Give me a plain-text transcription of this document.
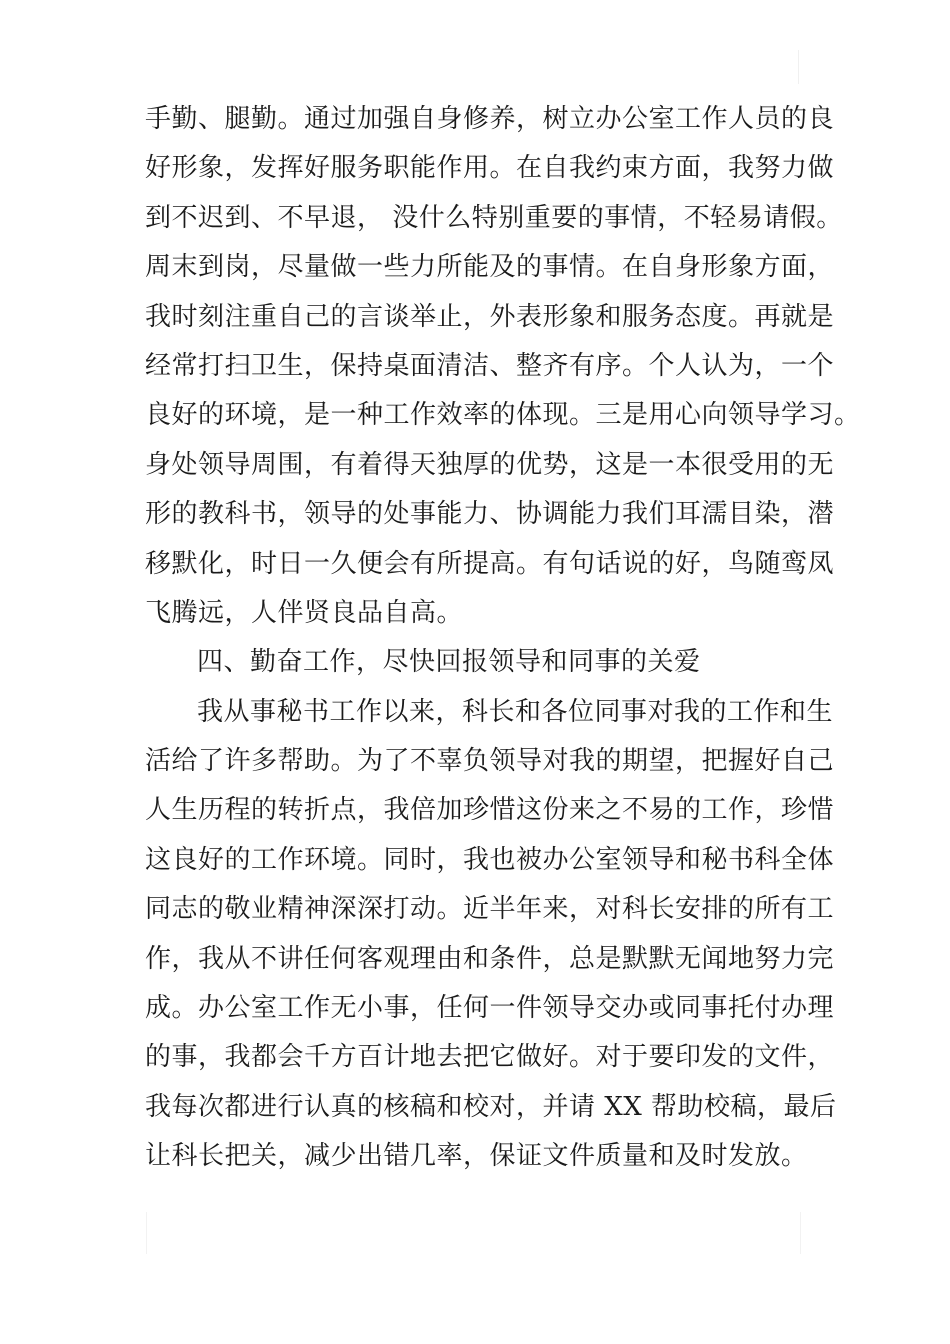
手勤、腿勤。通过加强自身修养，树立办公室工作人员的良
好形象，发挥好服务职能作用。在自我约束方面，我努力做
到不迟到、不早退， 没什么特别重要的事情，不轻易请假。
周末到岗，尽量做一些力所能及的事情。在自身形象方面，
我时刻注重自己的言谈举止，外表形象和服务态度。再就是
经常打扫卫生，保持桌面清洁、整齐有序。个人认为，一个
良好的环境，是一种工作效率的体现。三是用心向领导学习。
身处领导周围，有着得天独厚的优势，这是一本很受用的无
形的教科书，领导的处事能力、协调能力我们耳濡目染，潜
移默化，时日一久便会有所提高。有句话说的好，鸟随鸾凤
飞腾远，人伴贤良品自高。
四、勤奋工作，尽快回报领导和同事的关爱
我从事秘书工作以来，科长和各位同事对我的工作和生
活给了许多帮助。为了不辜负领导对我的期望，把握好自己
人生历程的转折点，我倍加珍惜这份来之不易的工作，珍惜
这良好的工作环境。同时，我也被办公室领导和秘书科全体
同志的敬业精神深深打动。近半年来，对科长安排的所有工
作，我从不讲任何客观理由和条件，总是默默无闻地努力完
成。办公室工作无小事，任何一件领导交办或同事托付办理
的事，我都会千方百计地去把它做好。对于要印发的文件，
我每次都进行认真的核稿和校对，并请 XX 帮助校稿，最后
让科长把关，减少出错几率，保证文件质量和及时发放。
